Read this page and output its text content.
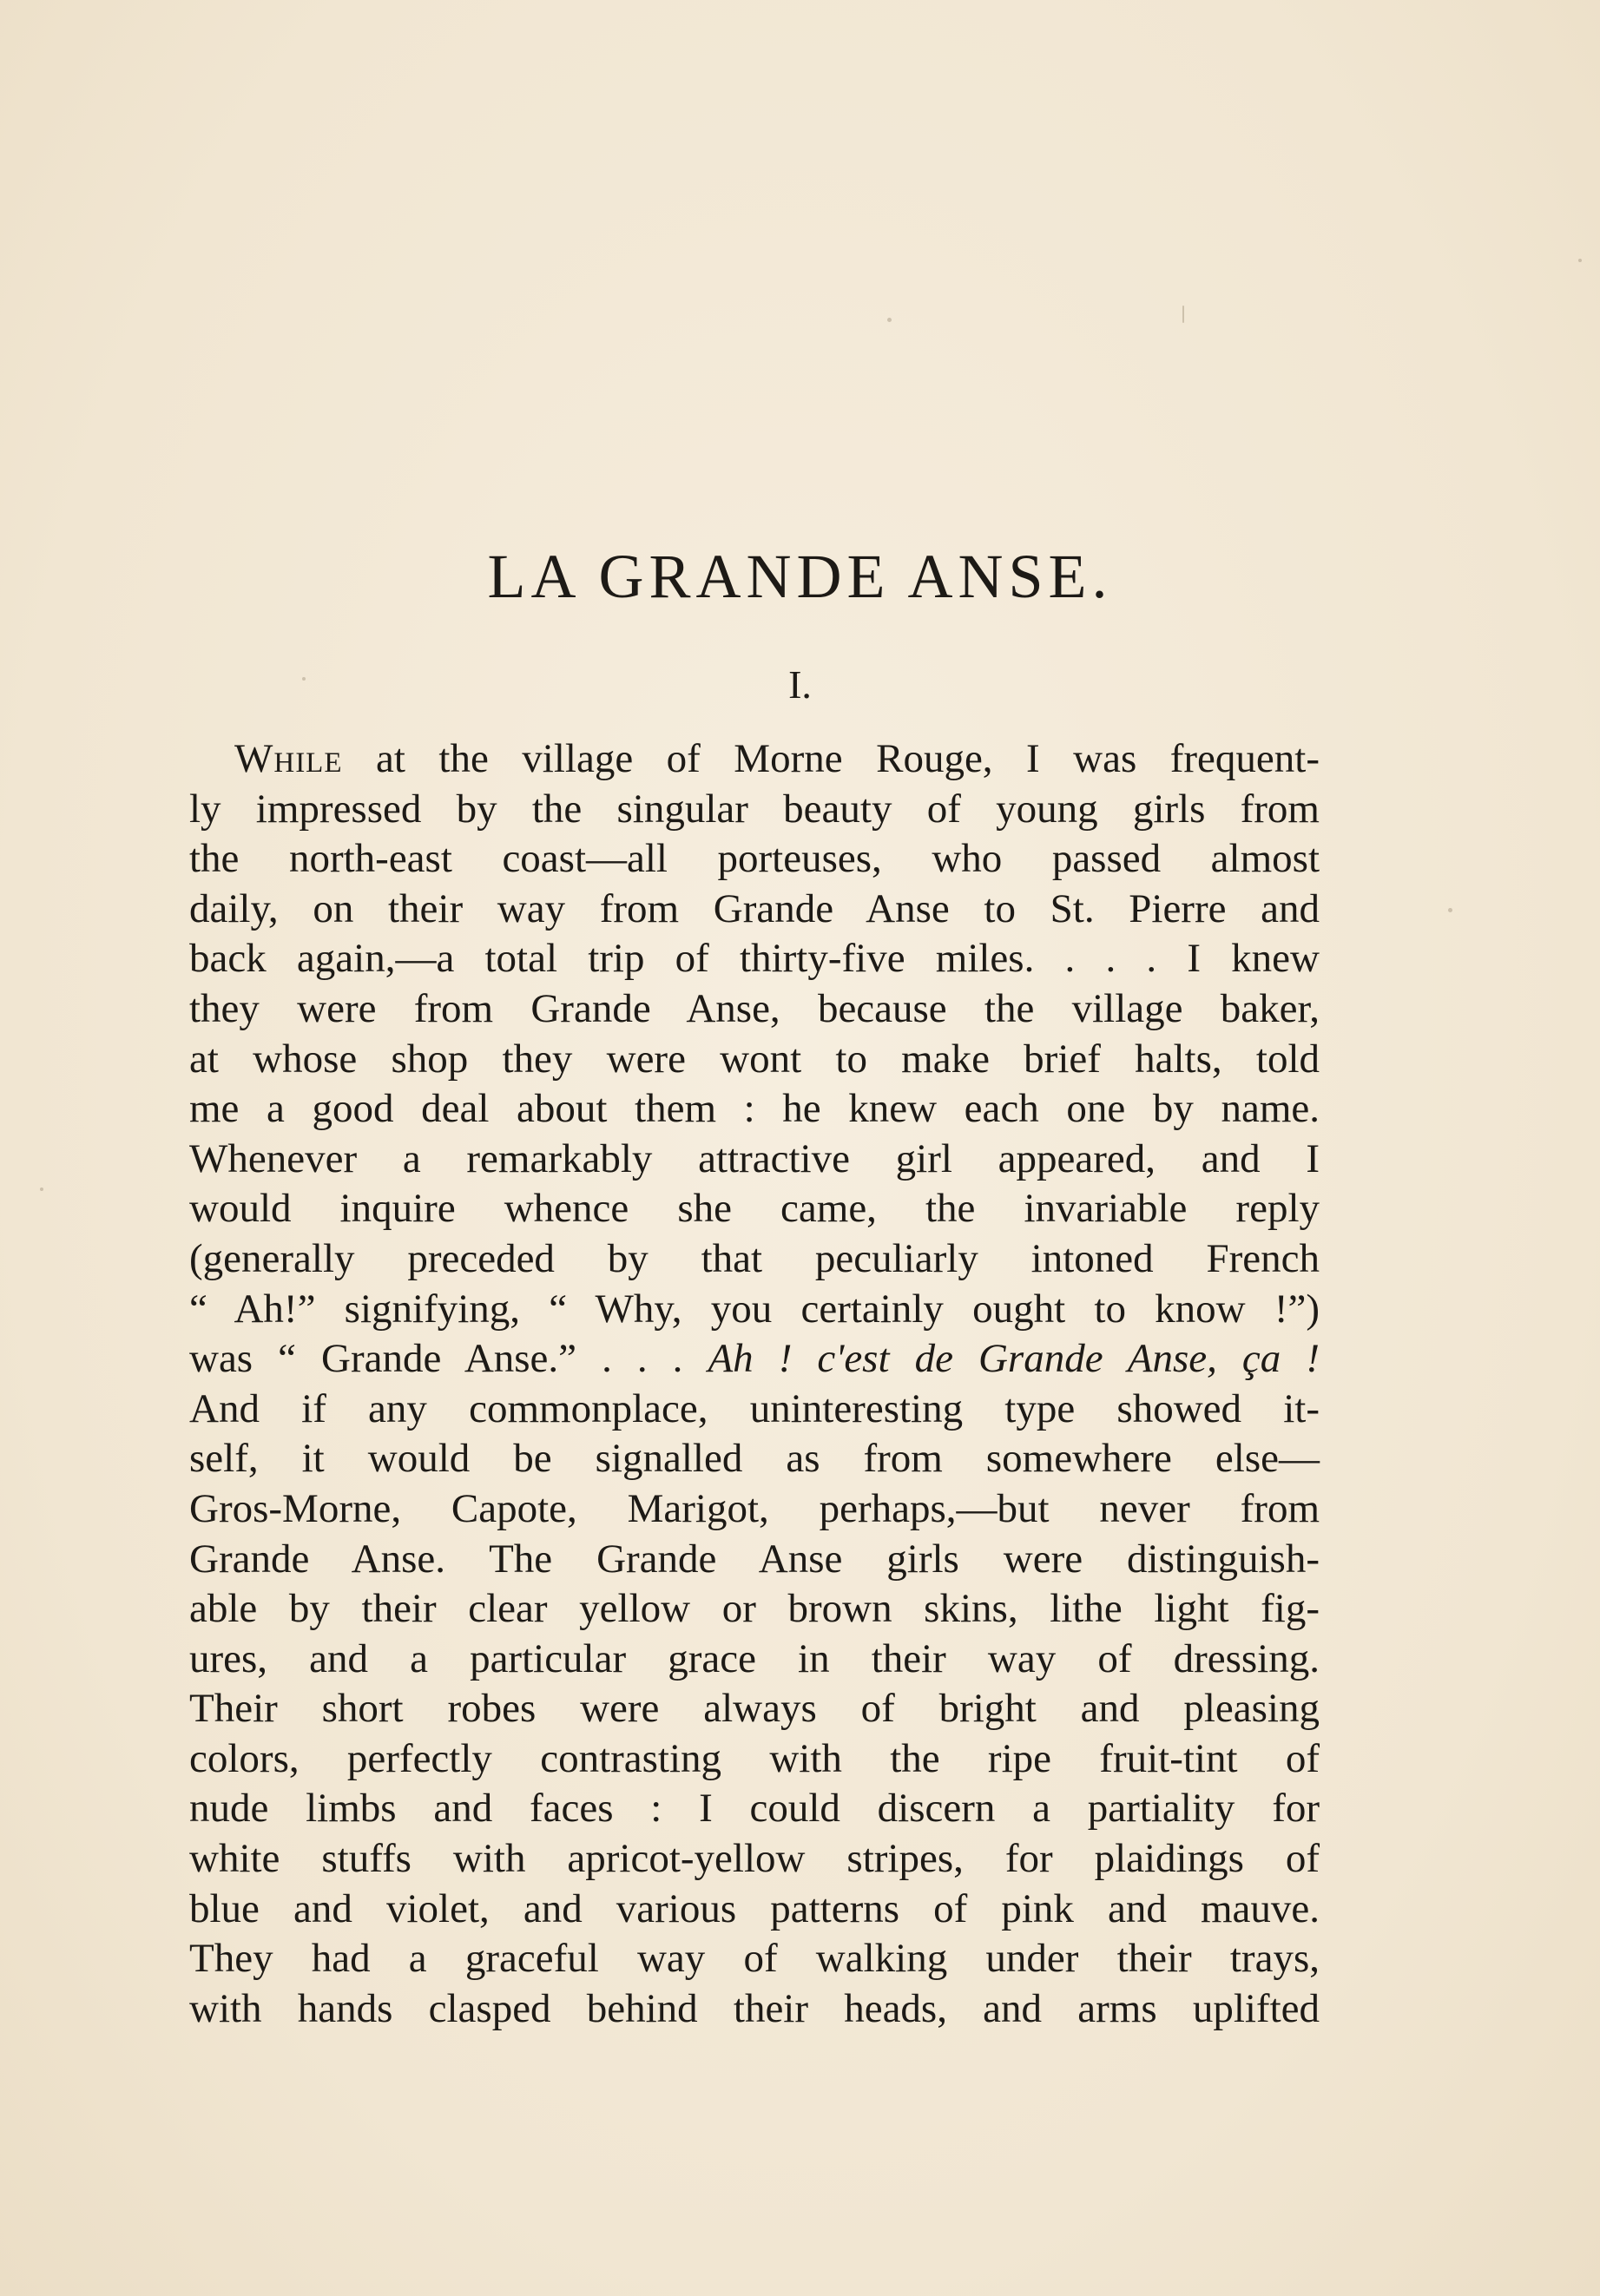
LA GRANDE ANSE.
I.
While at the village of Morne Rouge, I was frequent-
ly impressed by the singular beauty of young girls from
the north-east coast—all porteuses, who passed almost
daily, on their way from Grande Anse to St. Pierre and
back again,—a total trip of thirty-five miles. . . . I knew
they were from Grande Anse, because the village baker,
at whose shop they were wont to make brief halts, told
me a good deal about them : he knew each one by name.
Whenever a remarkably attractive girl appeared, and I
would inquire whence she came, the invariable reply
(generally preceded by that peculiarly intoned French
“ Ah!” signifying, “ Why, you certainly ought to know !”)
was “ Grande Anse.” . . . Ah ! c'est de Grande Anse, ça !
And if any commonplace, uninteresting type showed it-
self, it would be signalled as from somewhere else—
Gros-Morne, Capote, Marigot, perhaps,—but never from
Grande Anse. The Grande Anse girls were distinguish-
able by their clear yellow or brown skins, lithe light fig-
ures, and a particular grace in their way of dressing.
Their short robes were always of bright and pleasing
colors, perfectly contrasting with the ripe fruit-tint of
nude limbs and faces : I could discern a partiality for
white stuffs with apricot-yellow stripes, for plaidings of
blue and violet, and various patterns of pink and mauve.
They had a graceful way of walking under their trays,
with hands clasped behind their heads, and arms uplifted
